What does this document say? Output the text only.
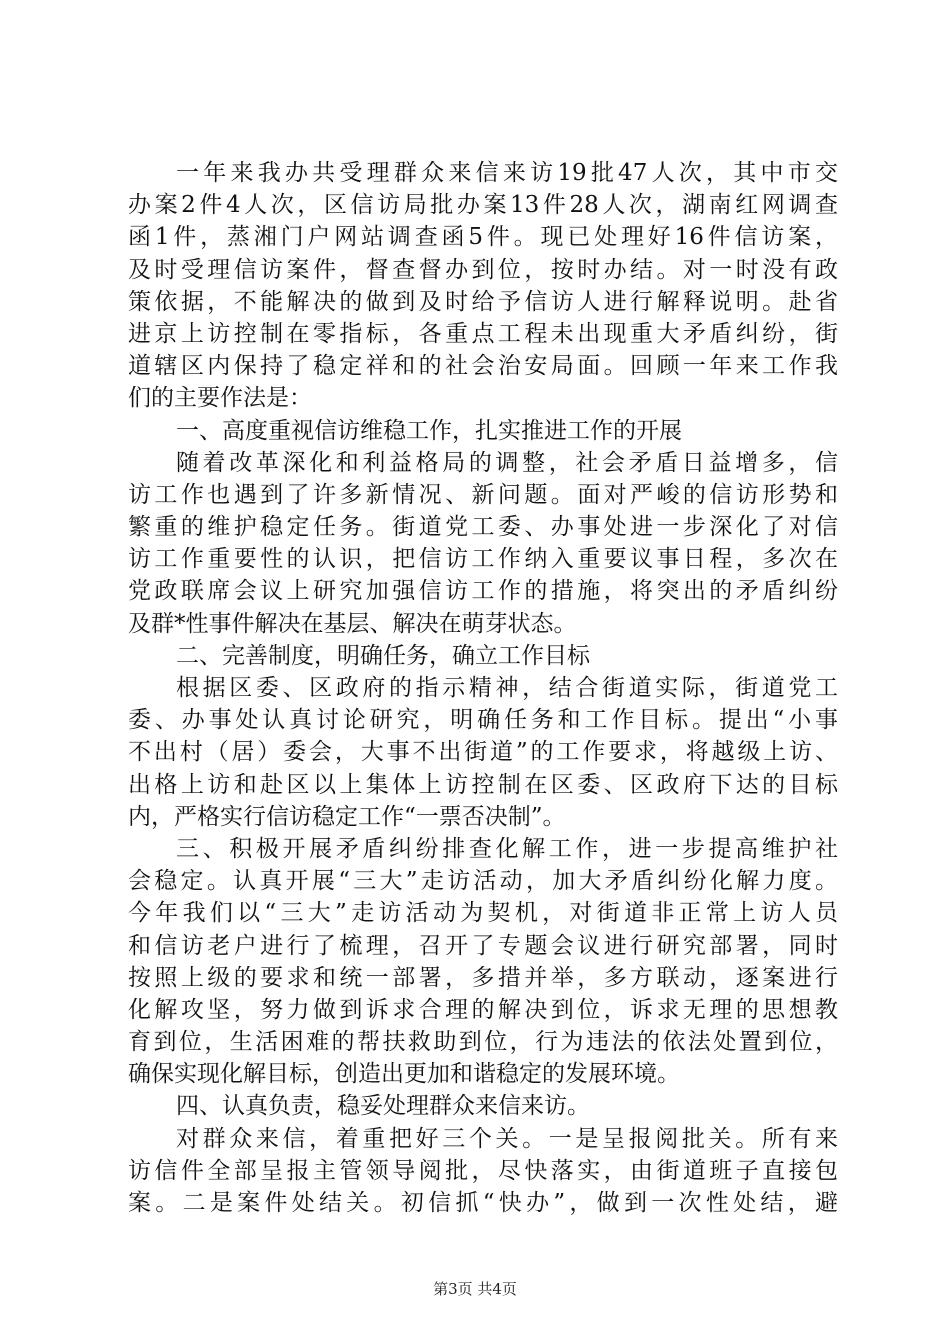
一年来我办共受理群众来信来访19批47人次，其中市交
办案2件4人次，区信访局批办案13件28人次，湖南红网调查
函1件，蒸湘门户网站调查函5件。现已处理好16件信访案，
及时受理信访案件，督查督办到位，按时办结。对一时没有政
策依据，不能解决的做到及时给予信访人进行解释说明。赴省
进京上访控制在零指标，各重点工程未出现重大矛盾纠纷，街
道辖区内保持了稳定祥和的社会治安局面。回顾一年来工作我
们的主要作法是：
一、高度重视信访维稳工作，扎实推进工作的开展
随着改革深化和利益格局的调整，社会矛盾日益增多，信
访工作也遇到了许多新情况、新问题。面对严峻的信访形势和
繁重的维护稳定任务。街道党工委、办事处进一步深化了对信
访工作重要性的认识，把信访工作纳入重要议事日程，多次在
党政联席会议上研究加强信访工作的措施，将突出的矛盾纠纷
及群*性事件解决在基层、解决在萌芽状态。
二、完善制度，明确任务，确立工作目标
根据区委、区政府的指示精神，结合街道实际，街道党工
委、办事处认真讨论研究，明确任务和工作目标。提出“小事
不出村（居）委会，大事不出街道”的工作要求，将越级上访、
出格上访和赴区以上集体上访控制在区委、区政府下达的目标
内，严格实行信访稳定工作“一票否决制”。
三、积极开展矛盾纠纷排查化解工作，进一步提高维护社
会稳定。认真开展“三大”走访活动，加大矛盾纠纷化解力度。
今年我们以“三大”走访活动为契机，对街道非正常上访人员
和信访老户进行了梳理，召开了专题会议进行研究部署，同时
按照上级的要求和统一部署，多措并举，多方联动，逐案进行
化解攻坚，努力做到诉求合理的解决到位，诉求无理的思想教
育到位，生活困难的帮扶救助到位，行为违法的依法处置到位，
确保实现化解目标，创造出更加和谐稳定的发展环境。
四、认真负责，稳妥处理群众来信来访。
对群众来信，着重把好三个关。一是呈报阅批关。所有来
访信件全部呈报主管领导阅批，尽快落实，由街道班子直接包
案。二是案件处结关。初信抓“快办”，做到一次性处结，避
第3页 共4页
